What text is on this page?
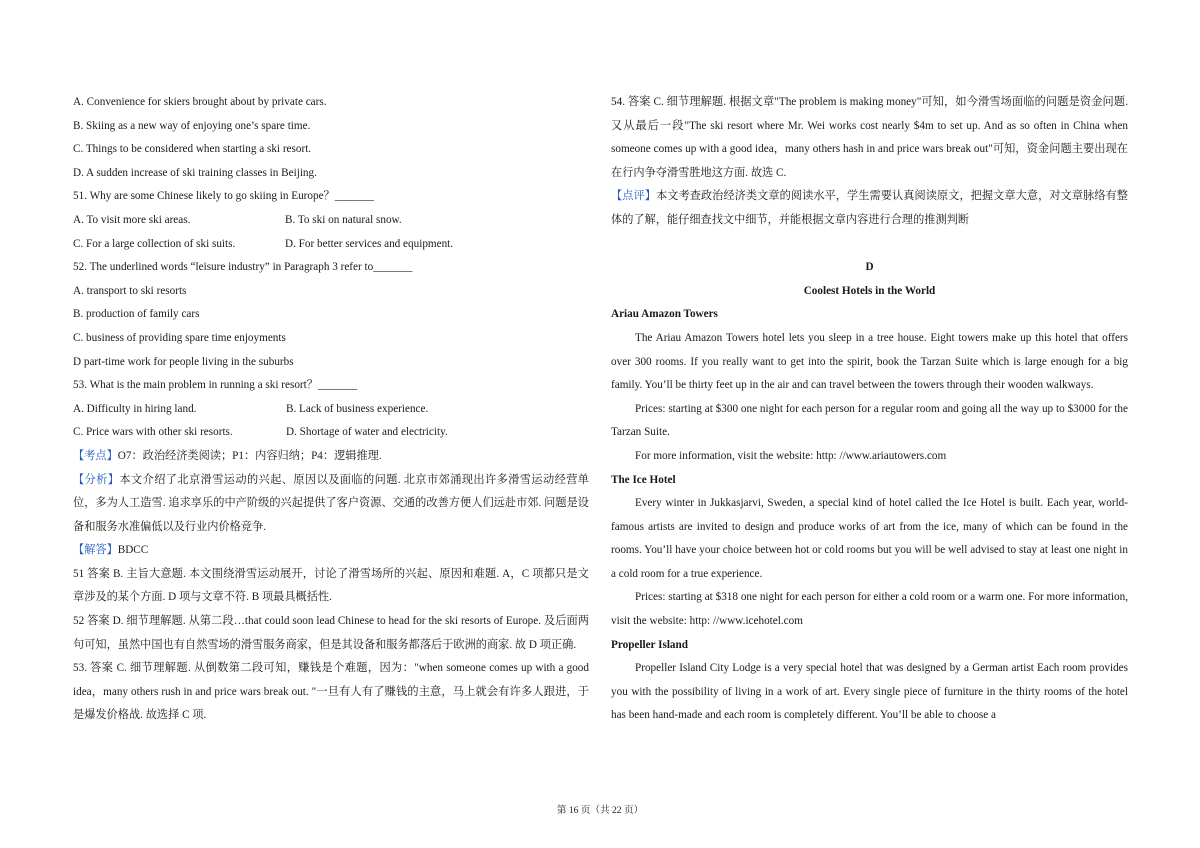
A. Convenience for skiers brought about by private cars.
B. Skiing as a new way of enjoying one’s spare time.
C. Things to be considered when starting a ski resort.
D. A sudden increase of ski training classes in Beijing.
51. Why are some Chinese likely to go skiing in Europe？_______
A. To visit more ski areas.	B. To ski on natural snow.
C. For a large collection of ski suits.	D. For better services and equipment.
52. The underlined words “leisure industry” in Paragraph 3 refer to_______
A. transport to ski resorts
B. production of family cars
C. business of providing spare time enjoyments
D part-time work for people living in the suburbs
53. What is the main problem in running a ski resort？_______
A. Difficulty in hiring land.	B. Lack of business experience.
C. Price wars with other ski resorts.	D. Shortage of water and electricity.

【考点】O7：政治经济类阅读；P1：内容归纳；P4：逻辑推理.

【分析】本文介绍了北京滑雪运动的兴起、原因以及面临的问题. 北京市郊涌现出许多滑雪运动经营单位，多为人工造雪. 追求享乐的中产阶级的兴起提供了客户资源、交通的改善方便人们远赴市郊. 问题是设备和服务水准偏低以及行业内价格竞争.

【解答】BDCC

51 答案 B. 主旨大意题. 本文围绕滑雪运动展开，讨论了滑雪场所的兴起、原因和难题. A，C 项都只是文章涉及的某个方面. D 项与文章不符. B 项最具概括性.

52 答案 D. 细节理解题. 从第二段…that could soon lead Chinese to head for the ski resorts of Europe. 及后面两句可知，虽然中国也有自然雪场的滑雪服务商家，但是其设备和服务都落后于欧洲的商家. 故 D 项正确.

53. 答案 C. 细节理解题. 从倒数第二段可知，赚钱是个难题，因为："when someone comes up with a good idea，many others rush in and price wars break out. "一旦有人有了赚钱的主意，马上就会有许多人跟进，于是爆发价格战. 故选择 C 项.

54. 答案 C. 细节理解题. 根据文章"The problem is making money"可知，如今滑雪场面临的问题是资金问题. 又从最后一段"The ski resort where Mr. Wei works cost nearly $4m to set up. And as so often in China when someone comes up with a good idea，many others hash in and price wars break out"可知，资金问题主要出现在在行内争夺滑雪胜地这方面. 故选 C.

【点评】本文考查政治经济类文章的阅读水平，学生需要认真阅读原文，把握文章大意，对文章脉络有整体的了解，能仔细查找文中细节，并能根据文章内容进行合理的推测判断

D
Coolest Hotels in the World
Ariau Amazon Towers

The Ariau Amazon Towers hotel lets you sleep in a tree house. Eight towers make up this hotel that offers over 300 rooms. If you really want to get into the spirit, book the Tarzan Suite which is large enough for a big family. You’ll be thirty feet up in the air and can travel between the towers through their wooden walkways.

Prices: starting at $300 one night for each person for a regular room and going all the way up to $3000 for the Tarzan Suite.

For more information, visit the website: http: //www.ariautowers.com

The Ice Hotel

Every winter in Jukkasjarvi, Sweden, a special kind of hotel called the Ice Hotel is built. Each year, world-famous artists are invited to design and produce works of art from the ice, many of which can be found in the rooms. You’ll have your choice between hot or cold rooms but you will be well advised to stay at least one night in a cold room for a true experience.

Prices: starting at $318 one night for each person for either a cold room or a warm one. For more information, visit the website: http: //www.icehotel.com

Propeller Island

Propeller Island City Lodge is a very special hotel that was designed by a German artist Each room provides you with the possibility of living in a work of art. Every single piece of furniture in the thirty rooms of the hotel has been hand-made and each room is completely different. You’ll be able to choose a

第 16 页（共 22 页）
